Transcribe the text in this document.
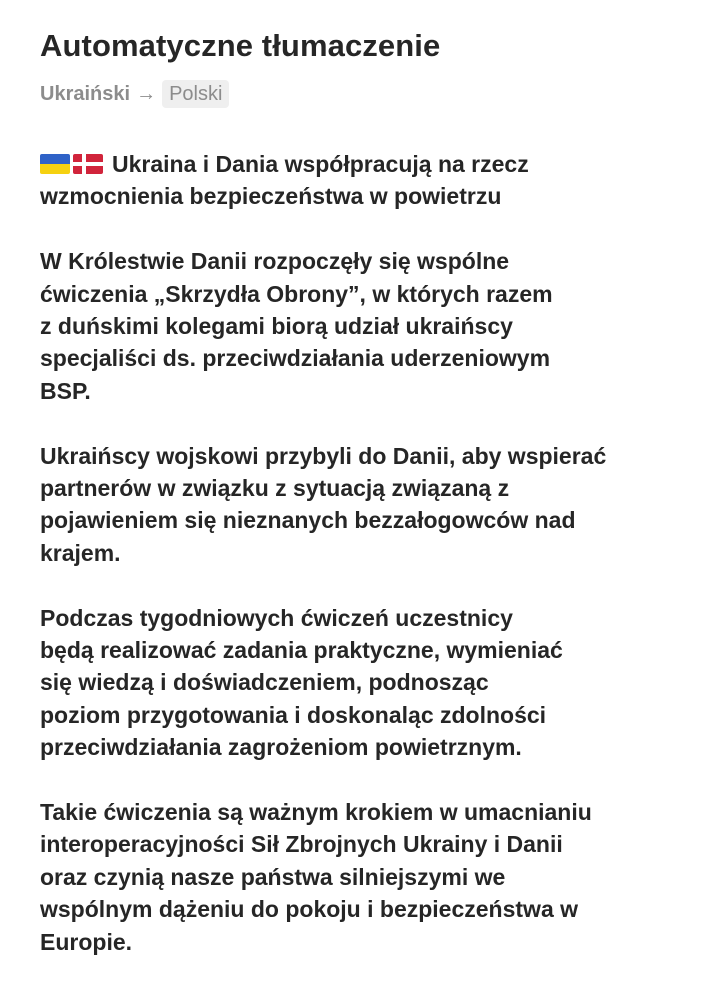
Automatyczne tłumaczenie
Ukraiński → Polski
Ukraina i Dania współpracują na rzecz
wzmocnienia bezpieczeństwa w powietrzu
W Królestwie Danii rozpoczęły się wspólne
ćwiczenia „Skrzydła Obrony”, w których razem
z duńskimi kolegami biorą udział ukraińscy
specjaliści ds. przeciwdziałania uderzeniowym
BSP.
Ukraińscy wojskowi przybyli do Danii, aby wspierać
partnerów w związku z sytuacją związaną z
pojawieniem się nieznanych bezzałogowców nad
krajem.
Podczas tygodniowych ćwiczeń uczestnicy
będą realizować zadania praktyczne, wymieniać
się wiedzą i doświadczeniem, podnosząc
poziom przygotowania i doskonaląc zdolności
przeciwdziałania zagrożeniom powietrznym.
Takie ćwiczenia są ważnym krokiem w umacnianiu
interoperacyjności Sił Zbrojnych Ukrainy i Danii
oraz czynią nasze państwa silniejszymi we
wspólnym dążeniu do pokoju i bezpieczeństwa w
Europie.
